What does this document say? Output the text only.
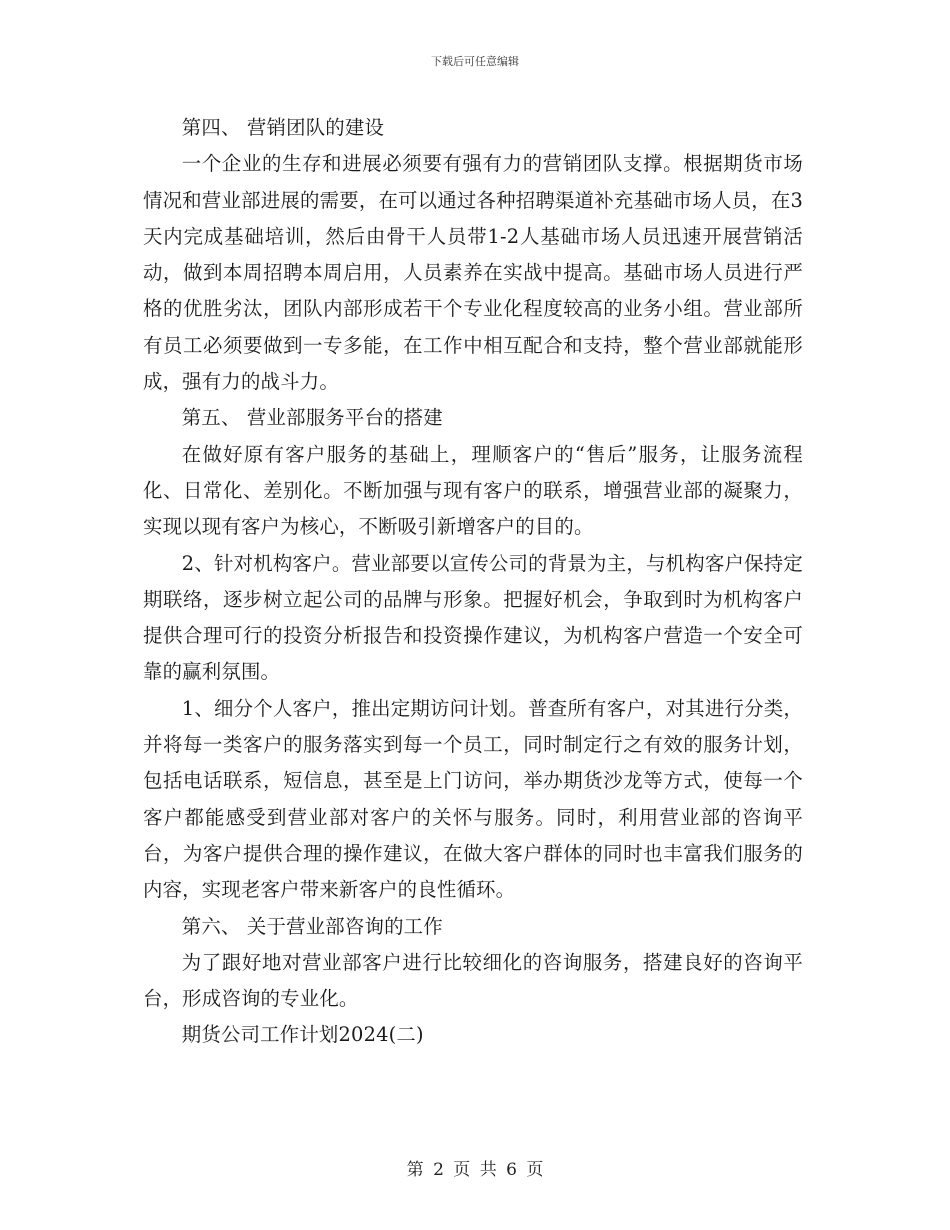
下载后可任意编辑

第四、 营销团队的建设

一个企业的生存和进展必须要有强有力的营销团队支撑。根据期货市场情况和营业部进展的需要，在可以通过各种招聘渠道补充基础市场人员，在3天内完成基础培训，然后由骨干人员带1-2人基础市场人员迅速开展营销活动，做到本周招聘本周启用，人员素养在实战中提高。基础市场人员进行严格的优胜劣汰，团队内部形成若干个专业化程度较高的业务小组。营业部所有员工必须要做到一专多能，在工作中相互配合和支持，整个营业部就能形成，强有力的战斗力。

第五、 营业部服务平台的搭建

在做好原有客户服务的基础上，理顺客户的“售后”服务，让服务流程化、日常化、差别化。不断加强与现有客户的联系，增强营业部的凝聚力，实现以现有客户为核心，不断吸引新增客户的目的。

2、针对机构客户。营业部要以宣传公司的背景为主，与机构客户保持定期联络，逐步树立起公司的品牌与形象。把握好机会，争取到时为机构客户提供合理可行的投资分析报告和投资操作建议，为机构客户营造一个安全可靠的赢利氛围。

1、细分个人客户，推出定期访问计划。普查所有客户，对其进行分类，并将每一类客户的服务落实到每一个员工，同时制定行之有效的服务计划，包括电话联系，短信息，甚至是上门访问，举办期货沙龙等方式，使每一个客户都能感受到营业部对客户的关怀与服务。同时，利用营业部的咨询平台，为客户提供合理的操作建议，在做大客户群体的同时也丰富我们服务的内容，实现老客户带来新客户的良性循环。

第六、 关于营业部咨询的工作

为了跟好地对营业部客户进行比较细化的咨询服务，搭建良好的咨询平台，形成咨询的专业化。

期货公司工作计划2024(二)

第 2 页 共 6 页
